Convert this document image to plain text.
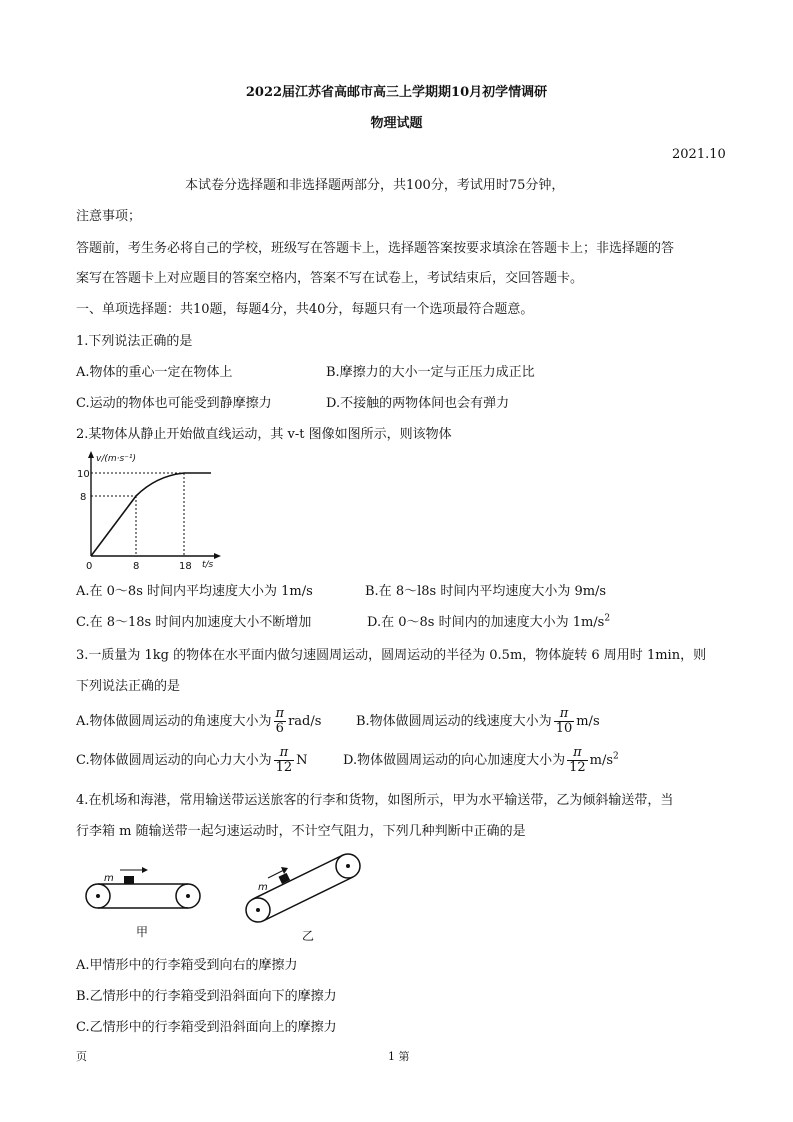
2022届江苏省高邮市高三上学期期10月初学情调研
物理试题
2021.10
本试卷分选择题和非选择题两部分，共100分，考试用时75分钟，
注意事项；
答题前，考生务必将自己的学校，班级写在答题卡上，选择题答案按要求填涂在答题卡上；非选择题的答
案写在答题卡上对应题目的答案空格内，答案不写在试卷上，考试结束后，交回答题卡。
一、单项选择题：共10题，每题4分，共40分，每题只有一个选项最符合题意。
1.下列说法正确的是
A.物体的重心一定在物体上	B.摩擦力的大小一定与正压力成正比
C.运动的物体也可能受到静摩擦力	D.不接触的两物体间也会有弹力
2.某物体从静止开始做直线运动，其 v-t 图像如图所示，则该物体
v/(m·s⁻¹)
t/s
10
8
0	8	18
A.在 0～8s 时间内平均速度大小为 1m/s	B.在 8～l8s 时间内平均速度大小为 9m/s
C.在 8～18s 时间内加速度大小不断增加	D.在 0～8s 时间内的加速度大小为 $1m/s^2$
3.一质量为 1kg 的物体在水平面内做匀速圆周运动，圆周运动的半径为 0.5m，物体旋转 6 周用时 1min，则
下列说法正确的是
A.物体做圆周运动的角速度大小为 $\frac{\pi}{6} rad/s$	B.物体做圆周运动的线速度大小为 $\frac{\pi}{10} m/s$
C.物体做圆周运动的向心力大小为 $\frac{\pi}{12}$ N	D.物体做圆周运动的向心加速度大小为 $\frac{\pi}{12} m/s^2$
4.在机场和海港，常用输送带运送旅客的行李和货物，如图所示，甲为水平输送带，乙为倾斜输送带，当
行李箱 m 随输送带一起匀速运动时，不计空气阻力，下列几种判断中正确的是
m
甲
m
乙
A.甲情形中的行李箱受到向右的摩擦力
B.乙情形中的行李箱受到沿斜面向下的摩擦力
C.乙情形中的行李箱受到沿斜面向上的摩擦力
页	1 第
